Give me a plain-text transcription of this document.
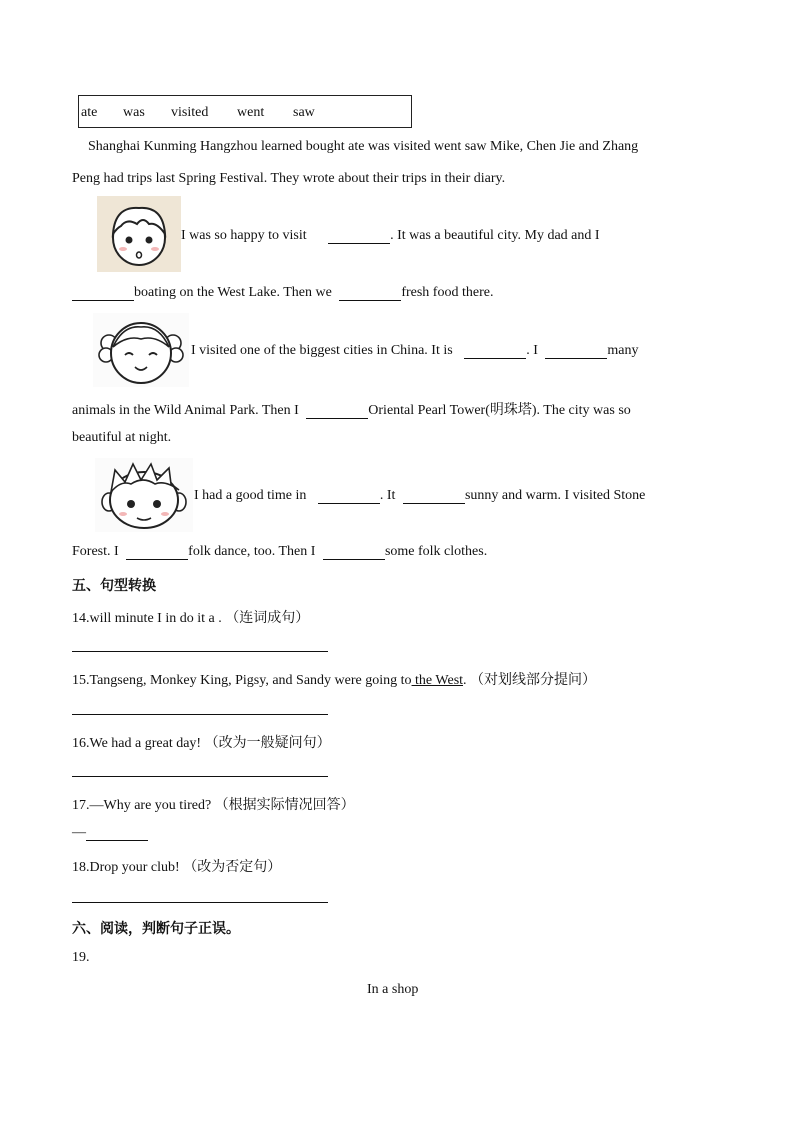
ate was visited went saw
Shanghai Kunming Hangzhou learned bought ate was visited went saw Mike, Chen Jie and Zhang
Peng had trips last Spring Festival. They wrote about their trips in their diary.
I was so happy to visit	. It was a beautiful city. My dad and I
boating on the West Lake. Then we	fresh food there.
I visited one of the biggest cities in China. It is	. I	many
animals in the Wild Animal Park. Then I	Oriental Pearl Tower(明珠塔). The city was so
beautiful at night.
I had a good time in	. It	sunny and warm. I visited Stone
Forest. I	folk dance, too. Then I	some folk clothes.
五、句型转换
14.will minute I in do it a . （连词成句）
15.Tangseng, Monkey King, Pigsy, and Sandy were going to the West. （对划线部分提问）
16.We had a great day! （改为一般疑问句）
17.—Why are you tired? （根据实际情况回答）
—
18.Drop your club! （改为否定句）
六、阅读，判断句子正误。
19.
In a shop
